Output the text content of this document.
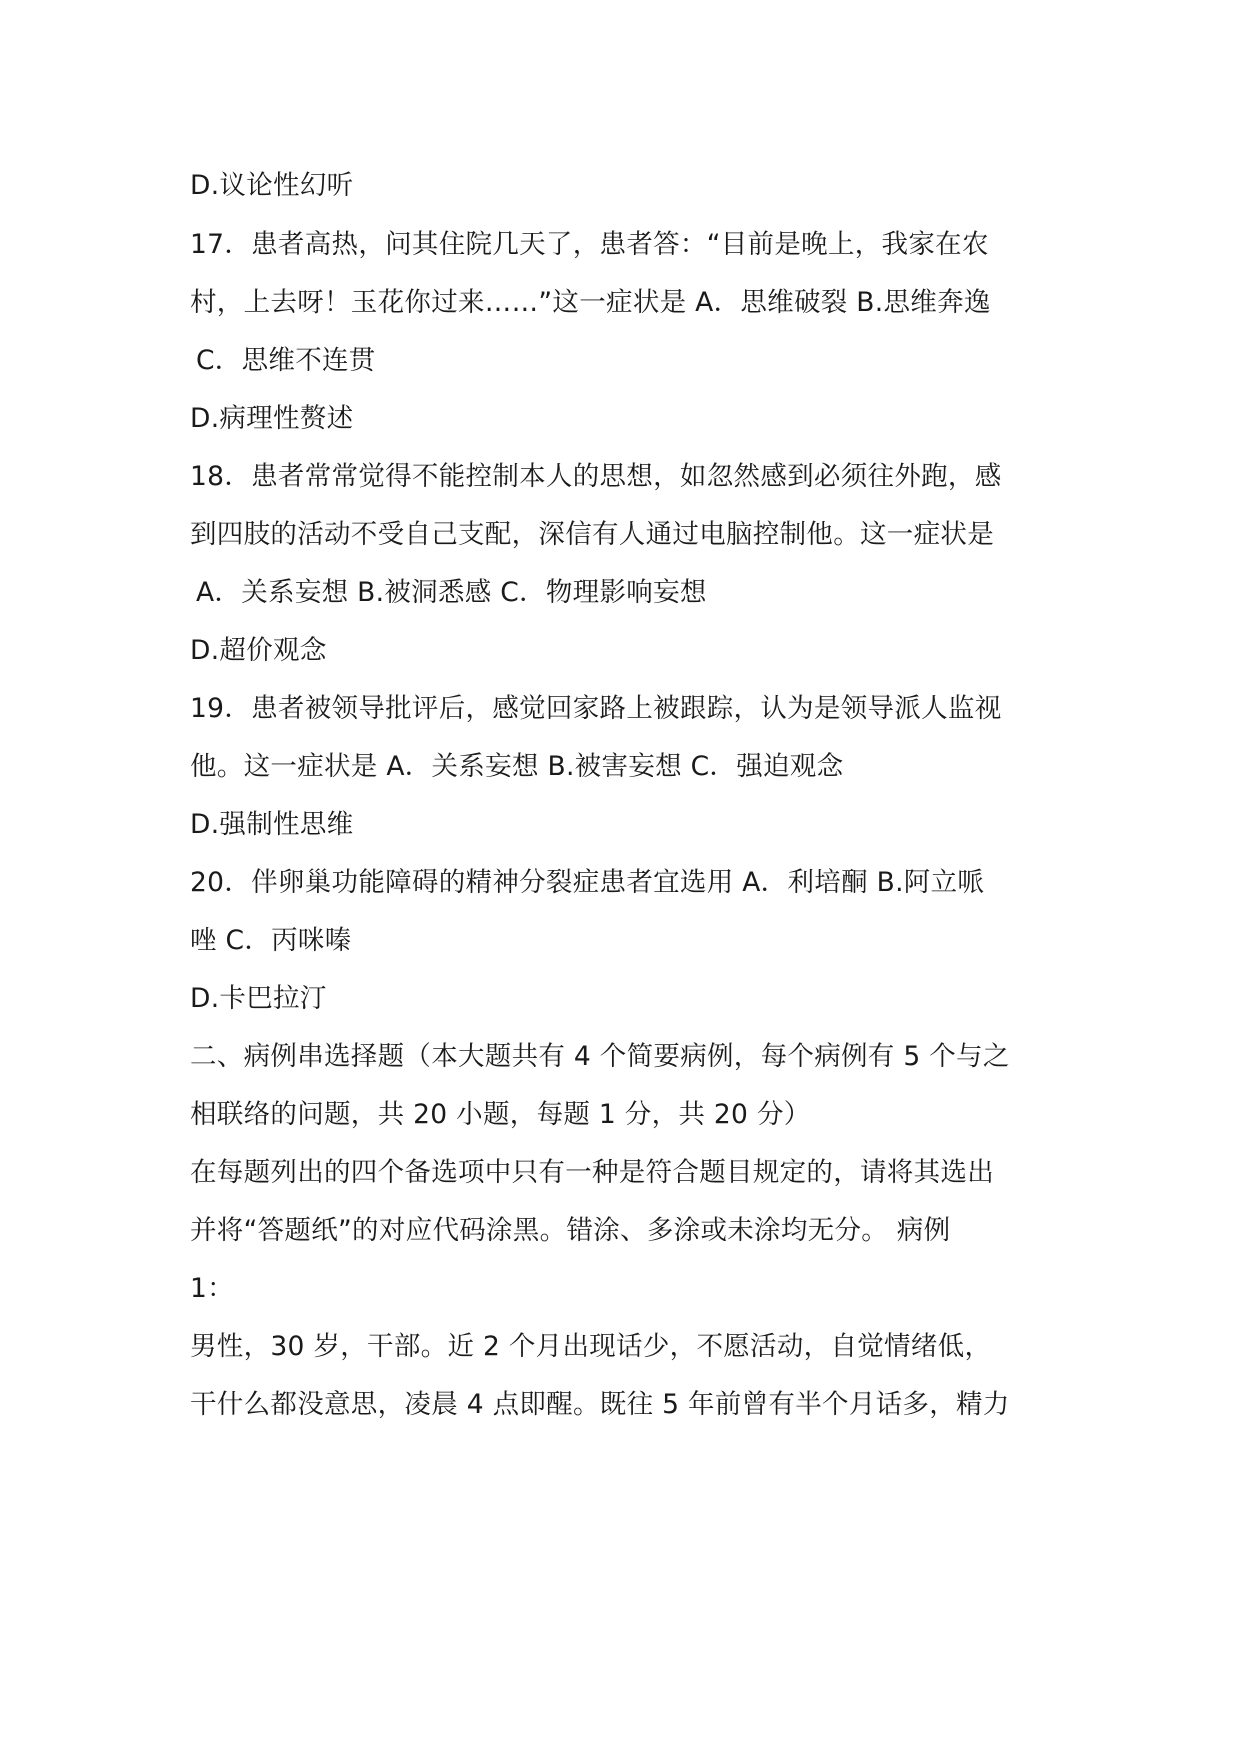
D.议论性幻听
17．患者高热，问其住院几天了，患者答：“目前是晚上，我家在农
村，上去呀！玉花你过来……”这一症状是 A．思维破裂 B.思维奔逸
C．思维不连贯
D.病理性赘述
18．患者常常觉得不能控制本人的思想，如忽然感到必须往外跑，感
到四肢的活动不受自己支配，深信有人通过电脑控制他。这一症状是
A．关系妄想 B.被洞悉感 C．物理影响妄想
D.超价观念
19．患者被领导批评后，感觉回家路上被跟踪，认为是领导派人监视
他。这一症状是 A．关系妄想 B.被害妄想 C．强迫观念
D.强制性思维
20．伴卵巢功能障碍的精神分裂症患者宜选用 A．利培酮 B.阿立哌
唑 C．丙咪嗪
D.卡巴拉汀
二、病例串选择题（本大题共有 4 个简要病例，每个病例有 5 个与之
相联络的问题，共 20 小题，每题 1 分，共 20 分）
在每题列出的四个备选项中只有一种是符合题目规定的，请将其选出
并将“答题纸”的对应代码涂黑。错涂、多涂或未涂均无分。 病例
1：
男性，30 岁，干部。近 2 个月出现话少，不愿活动，自觉情绪低，
干什么都没意思，凌晨 4 点即醒。既往 5 年前曾有半个月话多，精力
